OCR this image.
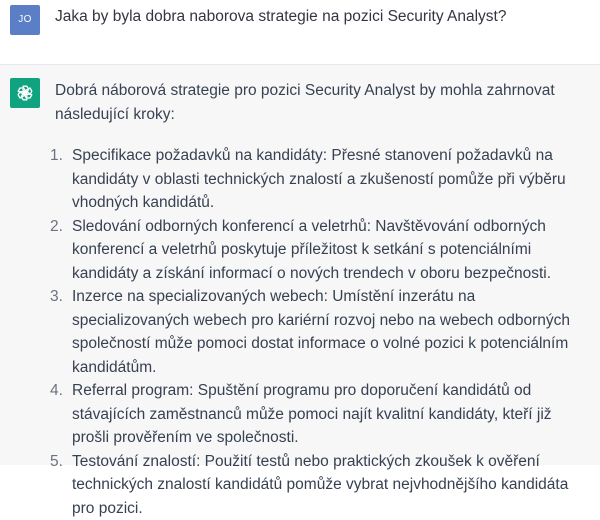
JO	Jaka by byla dobra naborova strategie na pozici Security Analyst?
Dobrá náborová strategie pro pozici Security Analyst by mohla zahrnovat následující kroky:
1. Specifikace požadavků na kandidáty: Přesné stanovení požadavků na kandidáty v oblasti technických znalostí a zkušeností pomůže při výběru vhodných kandidátů.
2. Sledování odborných konferencí a veletrhů: Navštěvování odborných konferencí a veletrhů poskytuje příležitost k setkání s potenciálními kandidáty a získání informací o nových trendech v oboru bezpečnosti.
3. Inzerce na specializovaných webech: Umístění inzerátu na specializovaných webech pro kariérní rozvoj nebo na webech odborných společností může pomoci dostat informace o volné pozici k potenciálním kandidátům.
4. Referral program: Spuštění programu pro doporučení kandidátů od stávajících zaměstnanců může pomoci najít kvalitní kandidáty, kteří již prošli prověřením ve společnosti.
5. Testování znalostí: Použití testů nebo praktických zkoušek k ověření technických znalostí kandidátů pomůže vybrat nejvhodnějšího kandidáta pro pozici.
